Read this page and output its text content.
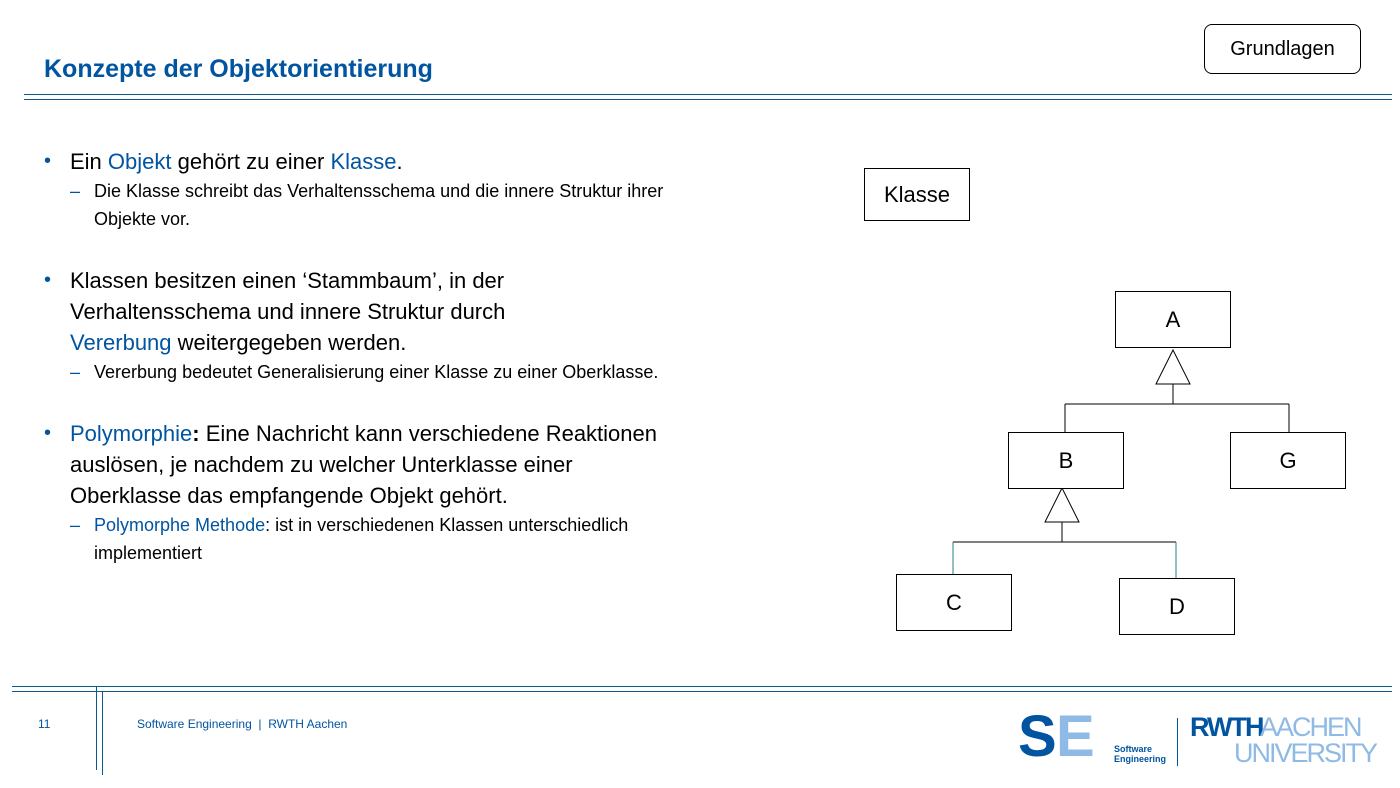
Konzepte der Objektorientierung
Grundlagen
• Ein Objekt gehört zu einer Klasse.
– Die Klasse schreibt das Verhaltensschema und die innere Struktur ihrer Objekte vor.
• Klassen besitzen einen ‘Stammbaum’, in der Verhaltensschema und innere Struktur durch Vererbung weitergegeben werden.
– Vererbung bedeutet Generalisierung einer Klasse zu einer Oberklasse.
• Polymorphie: Eine Nachricht kann verschiedene Reaktionen auslösen, je nachdem zu welcher Unterklasse einer Oberklasse das empfangende Objekt gehört.
– Polymorphe Methode: ist in verschiedenen Klassen unterschiedlich implementiert
Klasse
A
B	G
C	D
11	Software Engineering  |  RWTH Aachen	S E Software
Engineering
RWTH
AACHEN
UNIVERSITY
